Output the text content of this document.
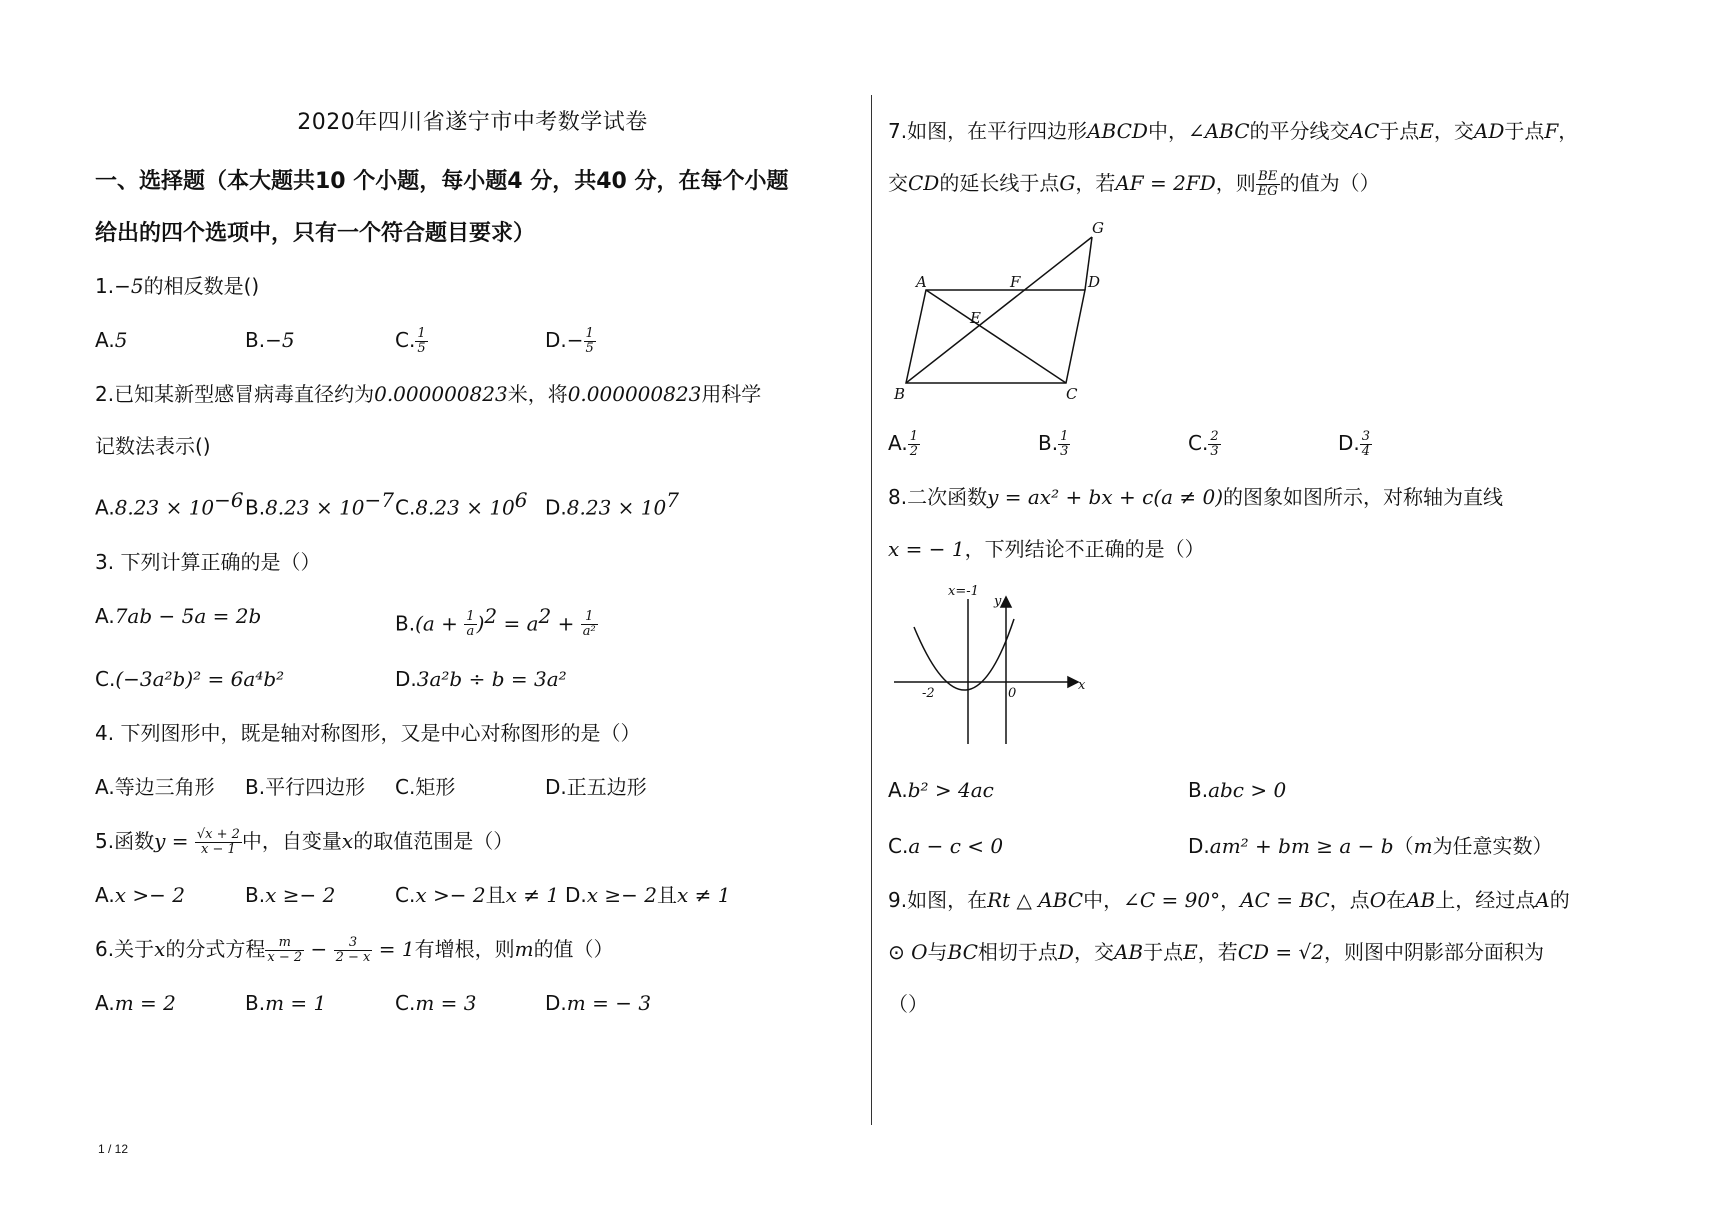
2020年四川省遂宁市中考数学试卷
一、选择题（本大题共10 个小题，每小题4 分，共40 分，在每个小题
给出的四个选项中，只有一个符合题目要求）
1.−5的相反数是()
A.5	B.−5	C. $\frac{1}{5}$	$D.- \frac{1}{5}$
2.已知某新型感冒病毒直径约为0.000000823米，将0.000000823用科学
记数法表示()
$A.8.23 \times 10^{-6}$ $B.8.23 \times 10^{-7}$ $C.8.23 \times 10^6$ $D.8.23 \times 10^7$
3. 下列计算正确的是（）
A.7ab − 5a = 2b	$B.(a + \frac{1}{a} )^2 = a^2 + \frac{1}{\text{a²}}$
C.(−3a²b)² = 6a⁴b²	D.3a²b ÷ b = 3a²
4. 下列图形中，既是轴对称图形，又是中心对称图形的是（）
A.等边三角形	B.平行四边形	C.矩形	D.正五边形
5.函数$y = \frac{√x + 2}{x - 1}$ 中，自变量x的取值范围是（）
A.x >− 2	B.x ≥− 2	C.x >− 2且x ≠ 1 D.x ≥− 2且x ≠ 1
6.关于x的分式方程 $\frac{m}{x - 2} - \frac{3}{2 - x} = 1$有增根，则m的值（）
A.m = 2	B.m = 1	C.m = 3	D.m = − 3
7.如图，在平行四边形ABCD中，∠ABC的平分线交AC于点E，交AD于点F，
交CD的延长线于点G，若AF = 2FD，则 $\frac{BE}{EG}$ 的值为（）
A
B	C
D
E
F
G
A. $\frac{1}{2}$	B. $\frac{1}{3}$	C. $\frac{2}{3}$	D. $\frac{3}{4}$
8.二次函数y = ax² + bx + c(a ≠ 0)的图象如图所示，对称轴为直线
x = − 1，下列结论不正确的是（）
x=-1
y
x
-2	0
A.b² > 4ac	B.abc > 0
C.a − c < 0	D.am² + bm ≥ a − b（m为任意实数）
9.如图，在Rt △ ABC中，∠C = 90°，AC = BC，点O在AB上，经过点A的
⊙ O与BC相切于点D，交AB于点E，若CD = √2，则图中阴影部分面积为
（）
1 / 12
